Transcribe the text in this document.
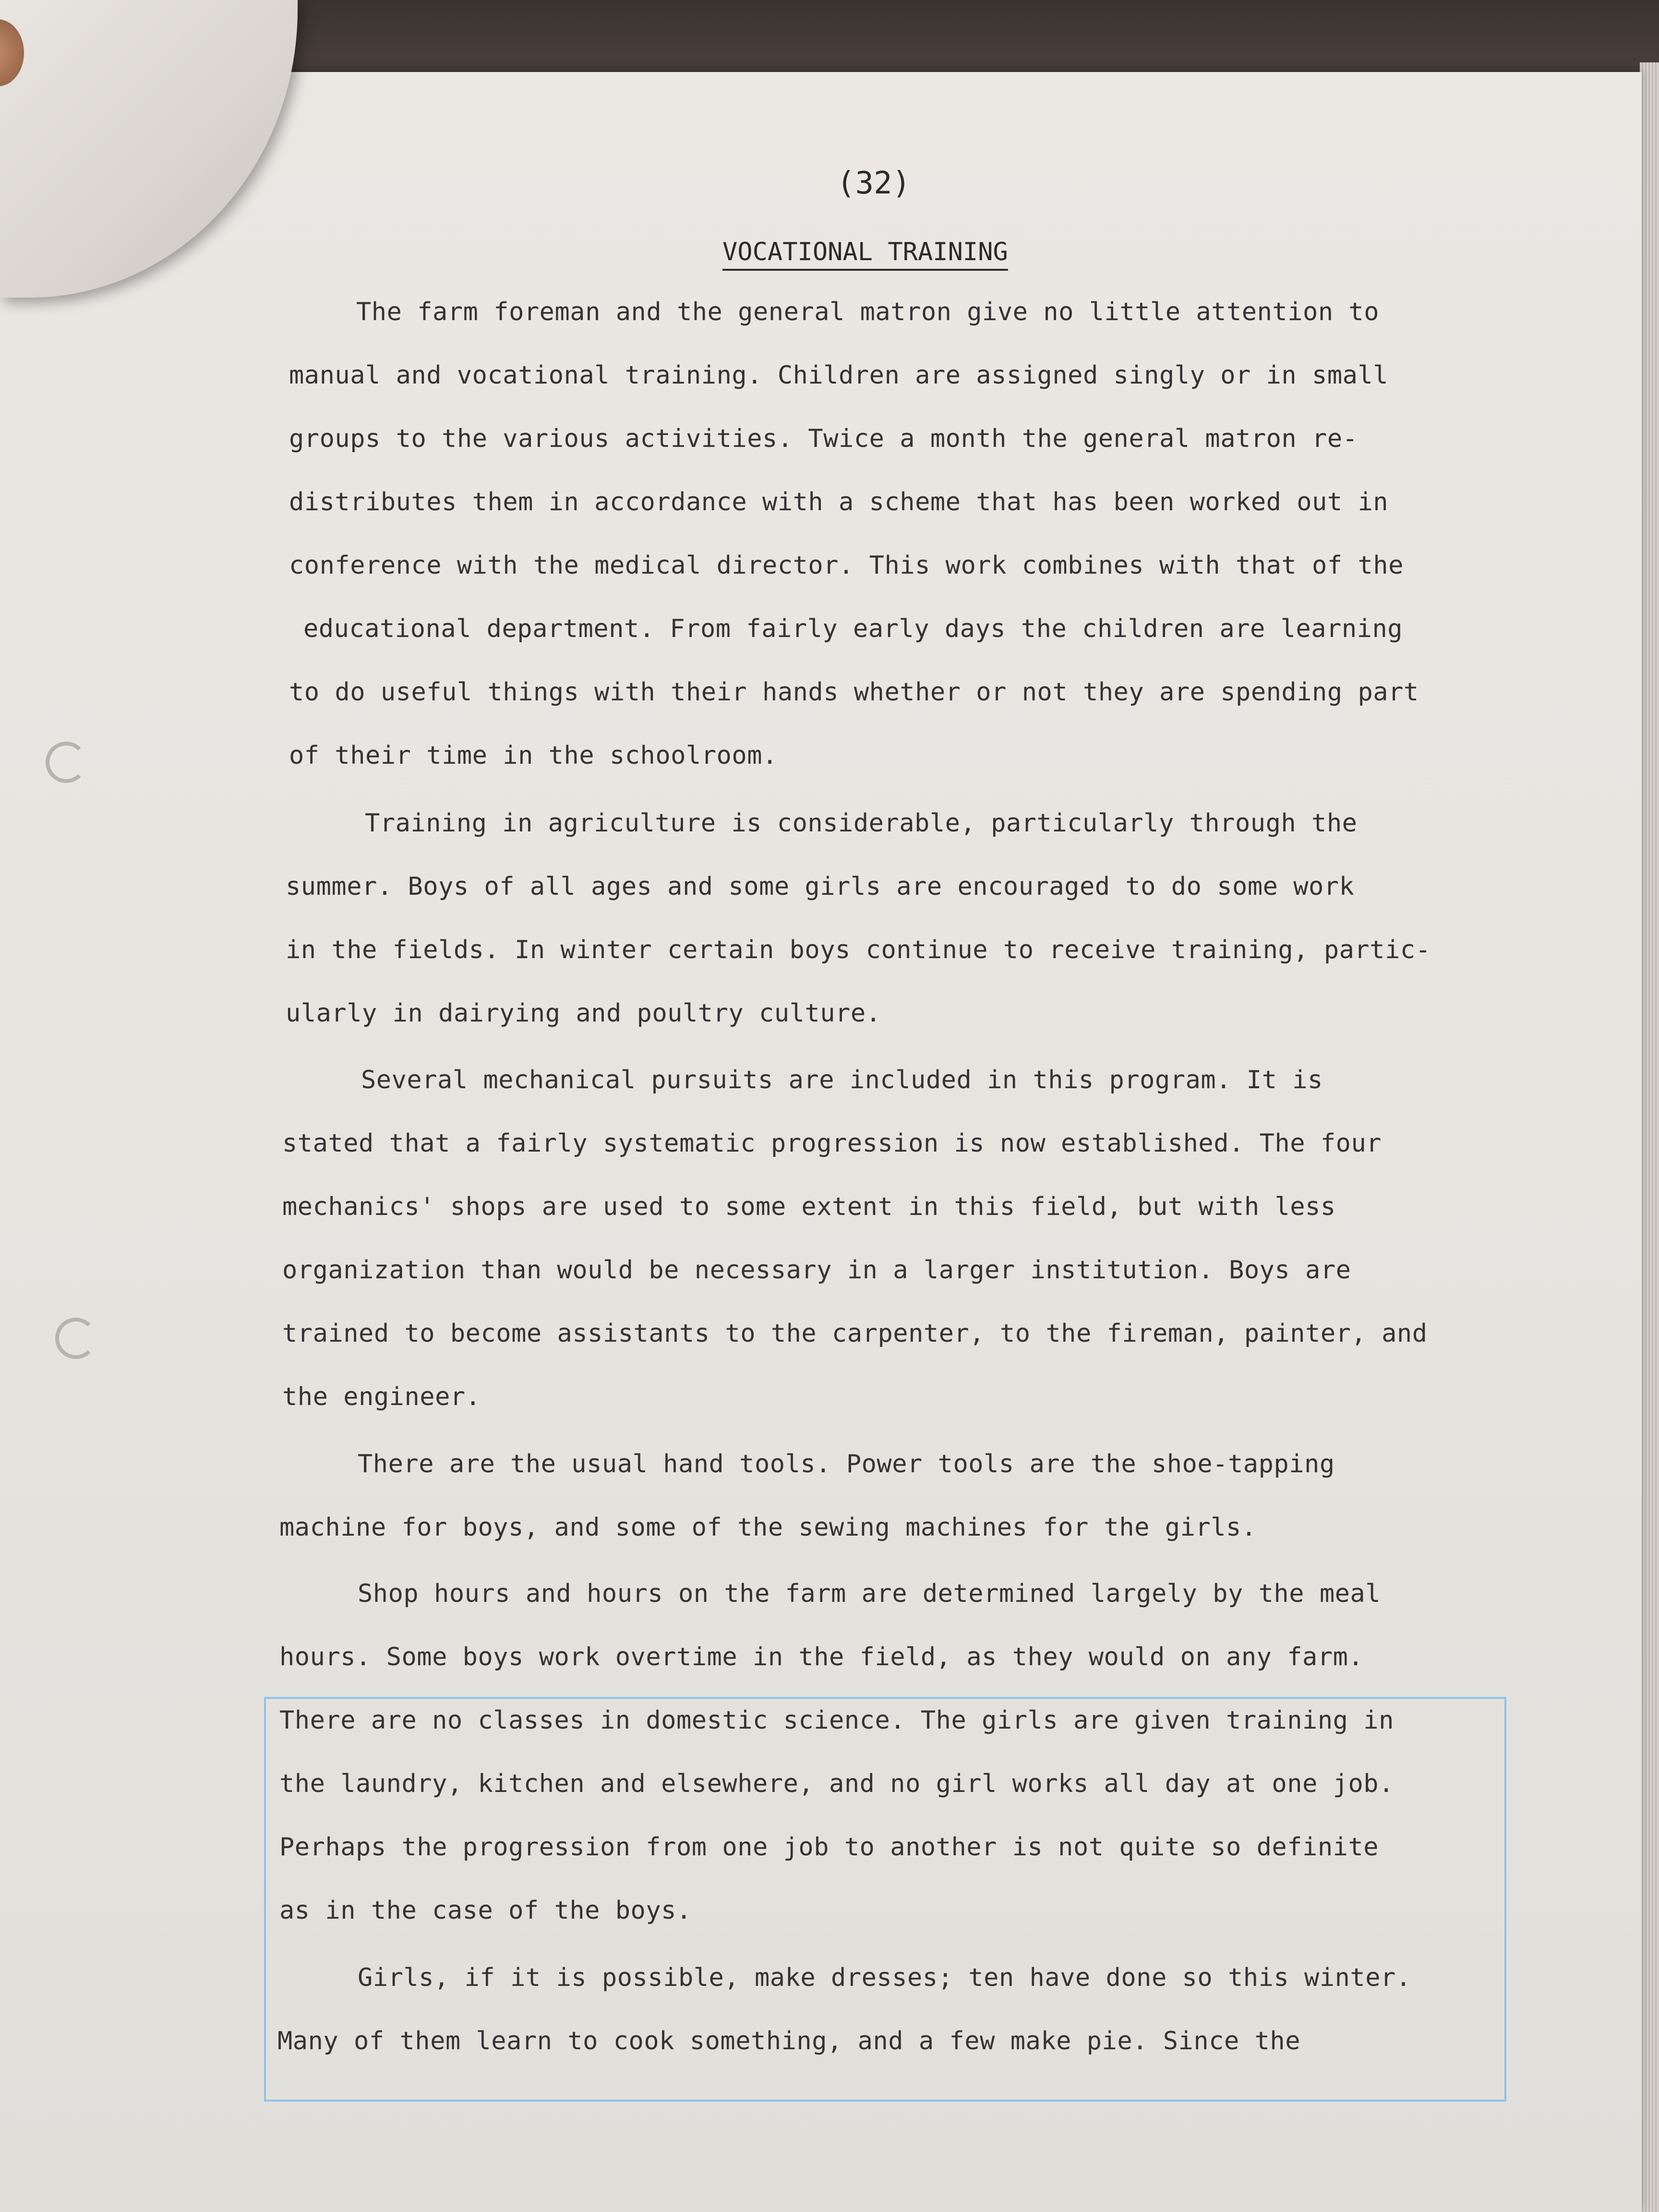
(32)
VOCATIONAL TRAINING
The farm foreman and the general matron give no little attention to
manual and vocational training. Children are assigned singly or in small
groups to the various activities. Twice a month the general matron re-
distributes them in accordance with a scheme that has been worked out in
conference with the medical director. This work combines with that of the
educational department. From fairly early days the children are learning
to do useful things with their hands whether or not they are spending part
of their time in the schoolroom.
Training in agriculture is considerable, particularly through the
summer. Boys of all ages and some girls are encouraged to do some work
in the fields. In winter certain boys continue to receive training, partic-
ularly in dairying and poultry culture.
Several mechanical pursuits are included in this program. It is
stated that a fairly systematic progression is now established. The four
mechanics' shops are used to some extent in this field, but with less
organization than would be necessary in a larger institution. Boys are
trained to become assistants to the carpenter, to the fireman, painter, and
the engineer.
There are the usual hand tools. Power tools are the shoe-tapping
machine for boys, and some of the sewing machines for the girls.
Shop hours and hours on the farm are determined largely by the meal
hours. Some boys work overtime in the field, as they would on any farm.
There are no classes in domestic science. The girls are given training in
the laundry, kitchen and elsewhere, and no girl works all day at one job.
Perhaps the progression from one job to another is not quite so definite
as in the case of the boys.
Girls, if it is possible, make dresses; ten have done so this winter.
Many of them learn to cook something, and a few make pie. Since the
